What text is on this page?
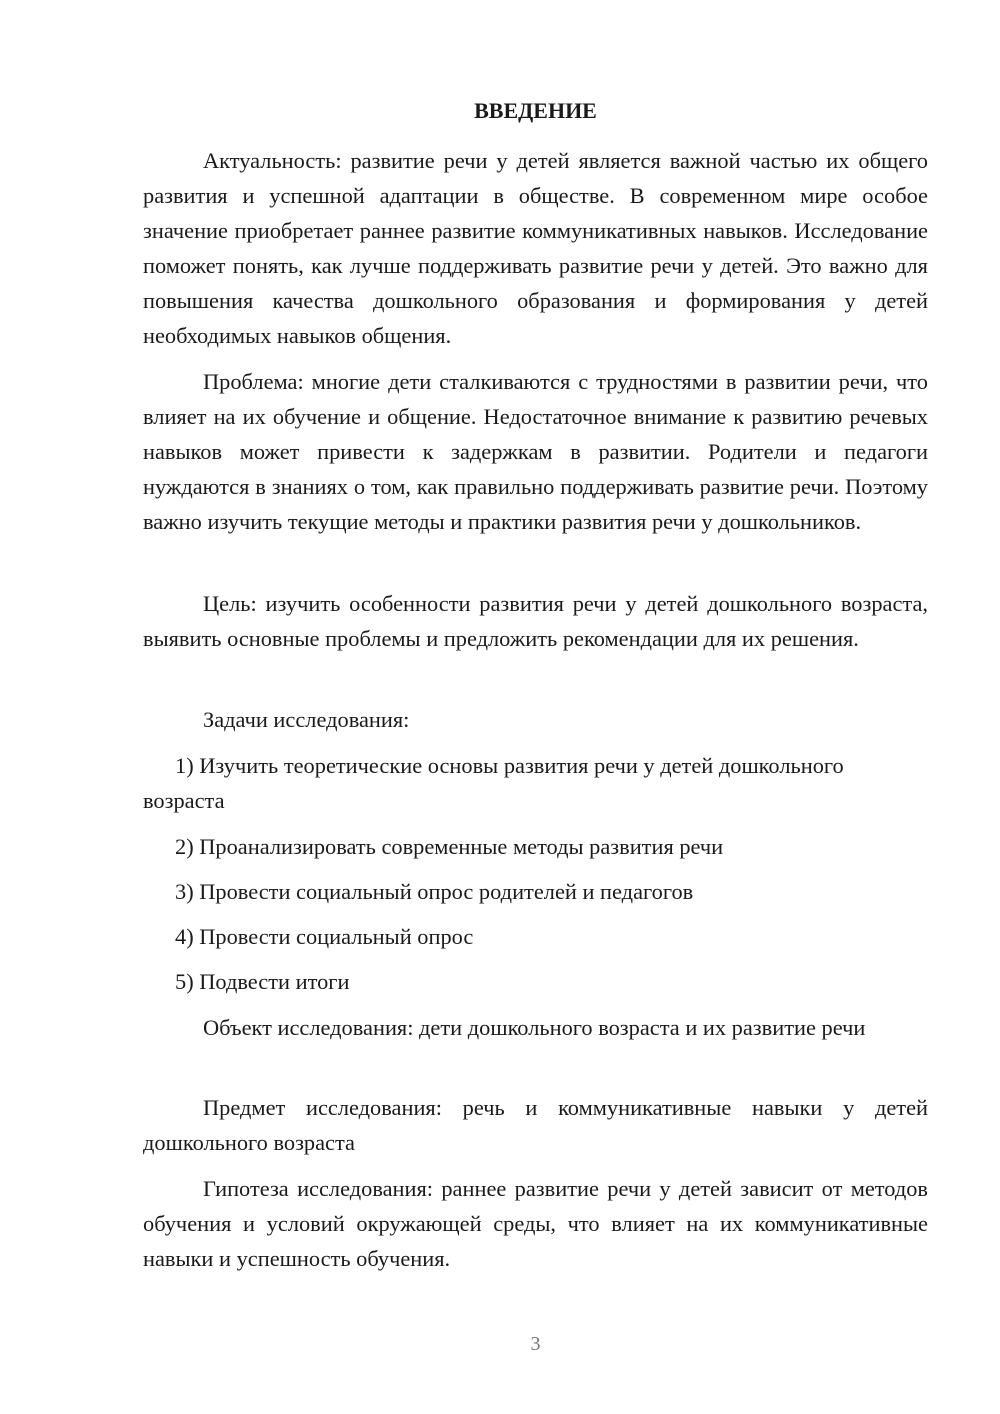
ВВЕДЕНИЕ

Актуальность: развитие речи у детей является важной частью их общего развития и успешной адаптации в обществе. В современном мире особое значение приобретает раннее развитие коммуникативных навыков. Исследование поможет понять, как лучше поддерживать развитие речи у детей. Это важно для повышения качества дошкольного образования и формирования у детей необходимых навыков общения.

Проблема: многие дети сталкиваются с трудностями в развитии речи, что влияет на их обучение и общение. Недостаточное внимание к развитию речевых навыков может привести к задержкам в развитии. Родители и педагоги нуждаются в знаниях о том, как правильно поддерживать развитие речи. Поэтому важно изучить текущие методы и практики развития речи у дошкольников.

Цель: изучить особенности развития речи у детей дошкольного возраста, выявить основные проблемы и предложить рекомендации для их решения.

Задачи исследования:

1) Изучить теоретические основы развития речи у детей дошкольного возраста

2) Проанализировать современные методы развития речи

3) Провести социальный опрос родителей и педагогов

4) Провести социальный опрос

5) Подвести итоги

Объект исследования: дети дошкольного возраста и их развитие речи

Предмет исследования: речь и коммуникативные навыки у детей дошкольного возраста

Гипотеза исследования: раннее развитие речи у детей зависит от методов обучения и условий окружающей среды, что влияет на их коммуникативные навыки и успешность обучения.

3
